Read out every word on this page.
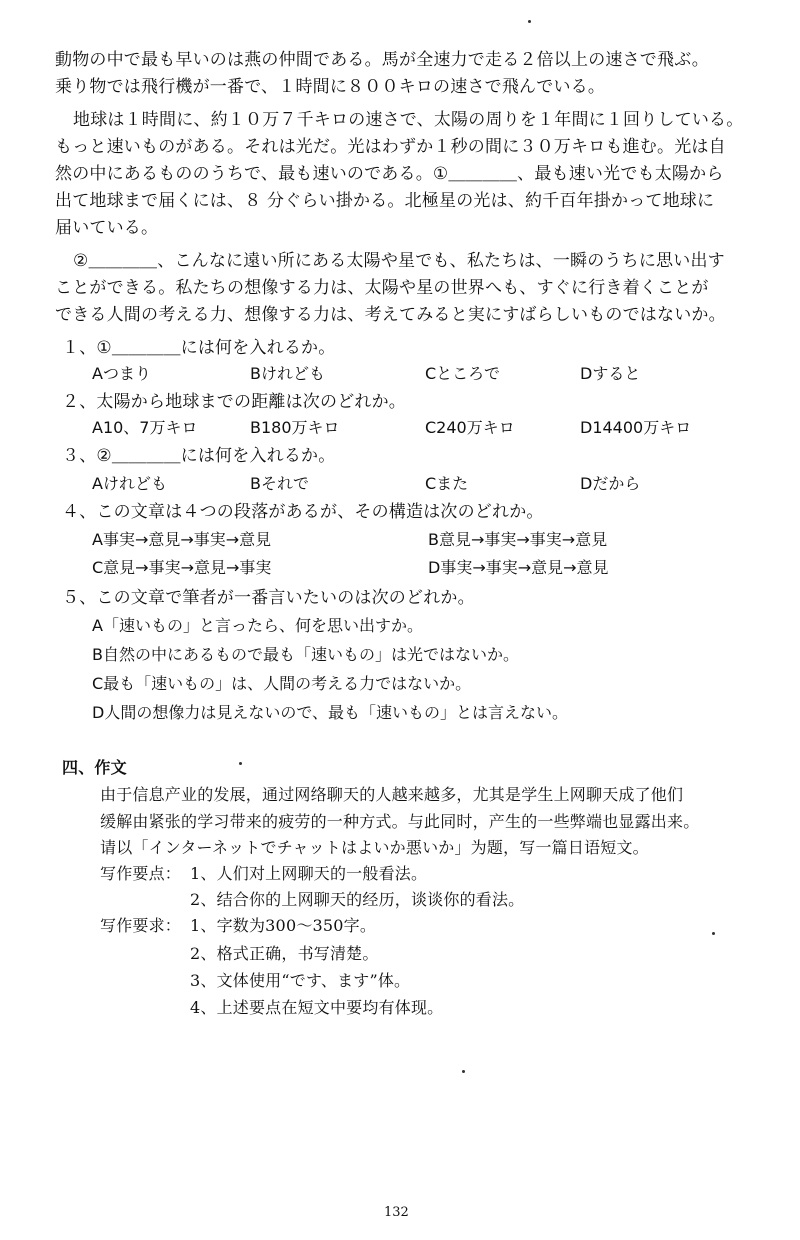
動物の中で最も早いのは燕の仲間である。馬が全速力で走る２倍以上の速さで飛ぶ。
乗り物では飛行機が一番で、１時間に８００キロの速さで飛んでいる。
地球は１時間に、約１０万７千キロの速さで、太陽の周りを１年間に１回りしている。
もっと速いものがある。それは光だ。光はわずか１秒の間に３０万キロも進む。光は自
然の中にあるもののうちで、最も速いのである。①＿＿＿＿、最も速い光でも太陽から
出て地球まで届くには、８ 分ぐらい掛かる。北極星の光は、約千百年掛かって地球に
届いている。
②＿＿＿＿、こんなに遠い所にある太陽や星でも、私たちは、一瞬のうちに思い出す
ことができる。私たちの想像する力は、太陽や星の世界へも、すぐに行き着くことが
できる人間の考える力、想像する力は、考えてみると実にすばらしいものではないか。
１、①＿＿＿＿には何を入れるか。
Aつまり	Bけれども	Cところで	Dすると
２、太陽から地球までの距離は次のどれか。
A10、7万キロ	B180万キロ	C240万キロ	D14400万キロ
３、②＿＿＿＿には何を入れるか。
Aけれども	Bそれで	Cまた	Dだから
４、この文章は４つの段落があるが、その構造は次のどれか。
A事実→意見→事実→意見	B意見→事実→事実→意見
C意見→事実→意見→事実	D事実→事実→意見→意見
５、この文章で筆者が一番言いたいのは次のどれか。
A「速いもの」と言ったら、何を思い出すか。
B自然の中にあるもので最も「速いもの」は光ではないか。
C最も「速いもの」は、人間の考える力ではないか。
D人間の想像力は見えないので、最も「速いもの」とは言えない。
四、作文
由于信息产业的发展，通过网络聊天的人越来越多，尤其是学生上网聊天成了他们
缓解由紧张的学习带来的疲劳的一种方式。与此同时，产生的一些弊端也显露出来。
请以「インターネットでチャットはよいか悪いか」为题，写一篇日语短文。
写作要点： 1、人们对上网聊天的一般看法。
2、结合你的上网聊天的经历，谈谈你的看法。
写作要求： 1、字数为300～350字。
2、格式正确，书写清楚。
3、文体使用“です、ます”体。
4、上述要点在短文中要均有体现。
132
